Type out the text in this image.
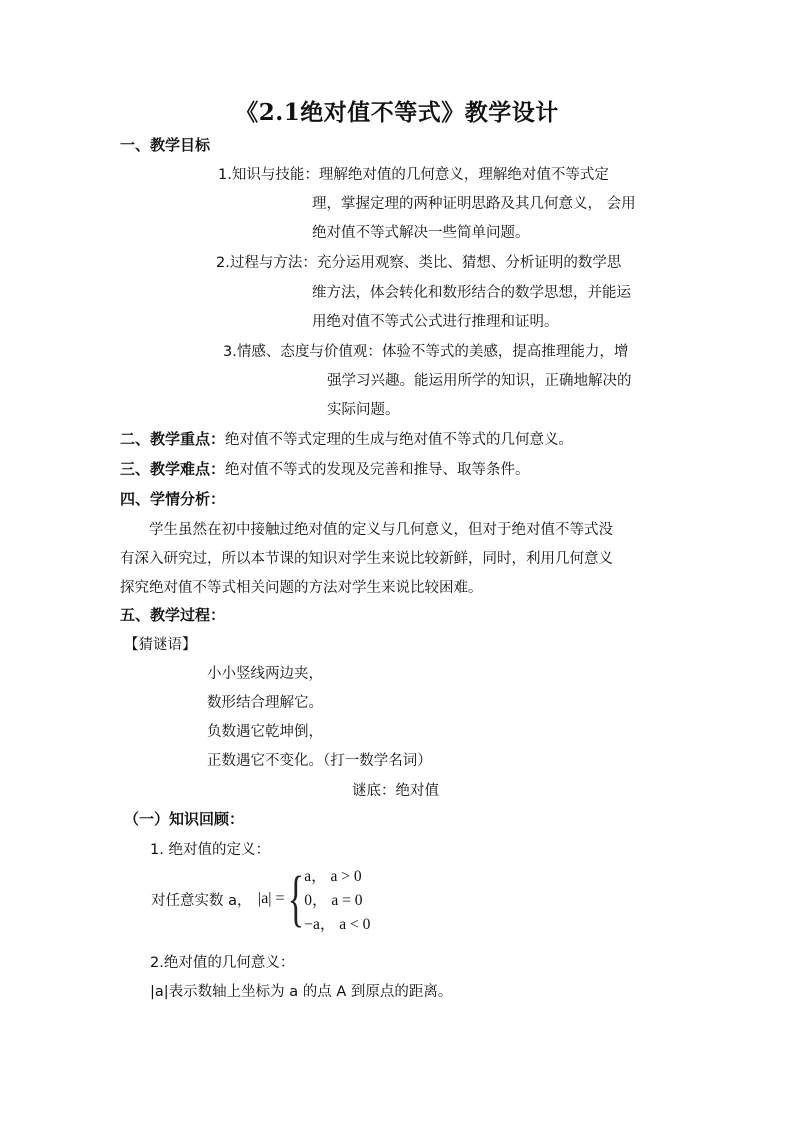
《2.1绝对值不等式》教学设计
一、教学目标
1.知识与技能：理解绝对值的几何意义，理解绝对值不等式定
理，掌握定理的两种证明思路及其几何意义， 会用
绝对值不等式解决一些简单问题。
2.过程与方法：充分运用观察、类比、猜想、分析证明的数学思
维方法，体会转化和数形结合的数学思想，并能运
用绝对值不等式公式进行推理和证明。
3.情感、态度与价值观：体验不等式的美感，提高推理能力，增
强学习兴趣。能运用所学的知识，正确地解决的
实际问题。
二、教学重点：绝对值不等式定理的生成与绝对值不等式的几何意义。
三、教学难点：绝对值不等式的发现及完善和推导、取等条件。
四、学情分析：
学生虽然在初中接触过绝对值的定义与几何意义，但对于绝对值不等式没
有深入研究过，所以本节课的知识对学生来说比较新鲜，同时，利用几何意义
探究绝对值不等式相关问题的方法对学生来说比较困难。
五、教学过程：
【猜谜语】
小小竖线两边夹，
数形结合理解它。
负数遇它乾坤倒，
正数遇它不变化。（打一数学名词）
谜底：绝对值
（一）知识回顾：
1. 绝对值的定义：
对任意实数 a， |a| = { a， a > 0
0， a = 0
−a， a < 0
2.绝对值的几何意义：
|a|表示数轴上坐标为 a 的点 A 到原点的距离。
